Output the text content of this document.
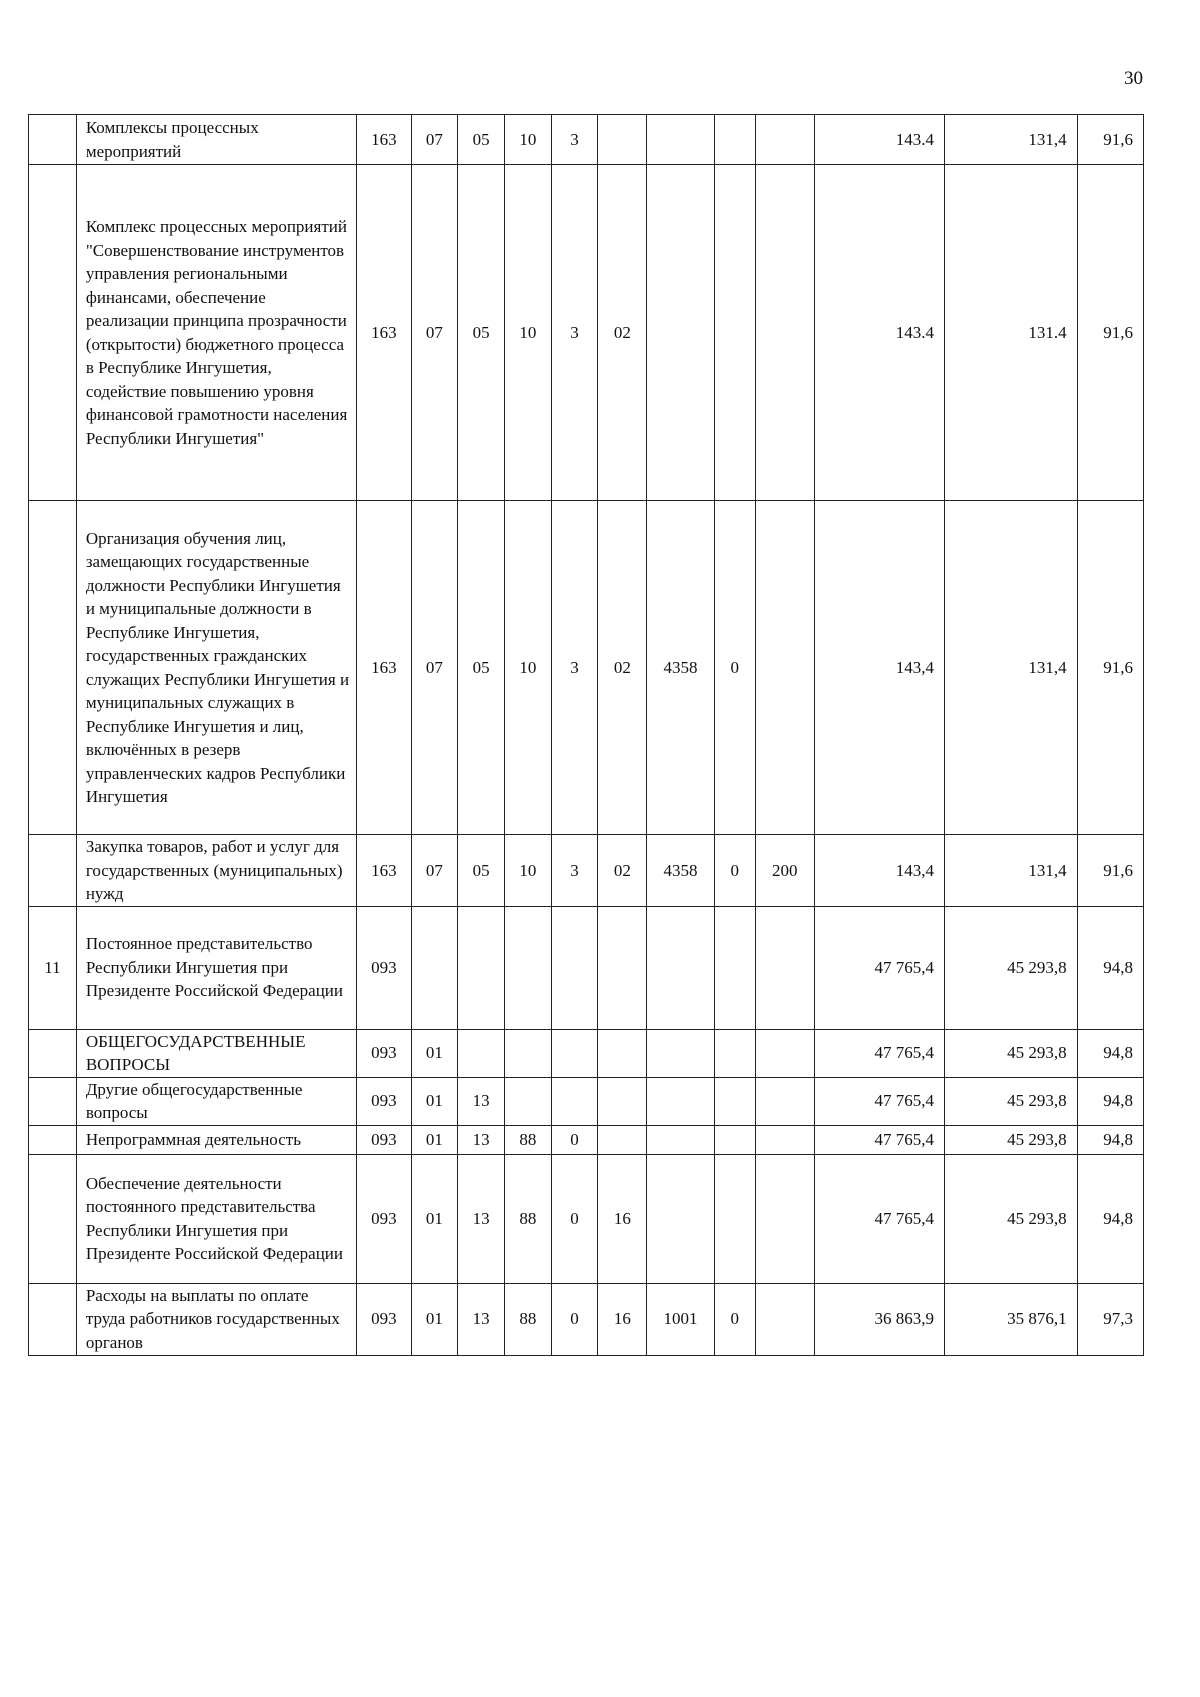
30
	Комплексы процессных мероприятий	163	07	05	10	3					143.4	131,4	91,6
	Комплекс процессных мероприятий "Совершенствование инструментов управления региональными финансами, обеспечение реализации принципа прозрачности (открытости) бюджетного процесса в Республике Ингушетия, содействие повышению уровня финансовой грамотности населения Республики Ингушетия"	163	07	05	10	3	02				143.4	131.4	91,6
	Организация обучения лиц, замещающих государственные должности Республики Ингушетия и муниципальные должности в Республике Ингушетия, государственных гражданских служащих Республики Ингушетия и муниципальных служащих в Республике Ингушетия и лиц, включённых в резерв управленческих кадров Республики Ингушетия	163	07	05	10	3	02	4358	0		143,4	131,4	91,6
	Закупка товаров, работ и услуг для государственных (муниципальных) нужд	163	07	05	10	3	02	4358	0	200	143,4	131,4	91,6
11	Постоянное представительство Республики Ингушетия при Президенте Российской Федерации	093									47 765,4	45 293,8	94,8
	ОБЩЕГОСУДАРСТВЕННЫЕ ВОПРОСЫ	093	01								47 765,4	45 293,8	94,8
	Другие общегосударственные вопросы	093	01	13							47 765,4	45 293,8	94,8
	Непрограммная деятельность	093	01	13	88	0					47 765,4	45 293,8	94,8
	Обеспечение деятельности постоянного представительства Республики Ингушетия при Президенте Российской Федерации	093	01	13	88	0	16				47 765,4	45 293,8	94,8
	Расходы на выплаты по оплате труда работников государственных органов	093	01	13	88	0	16	1001	0		36 863,9	35 876,1	97,3
